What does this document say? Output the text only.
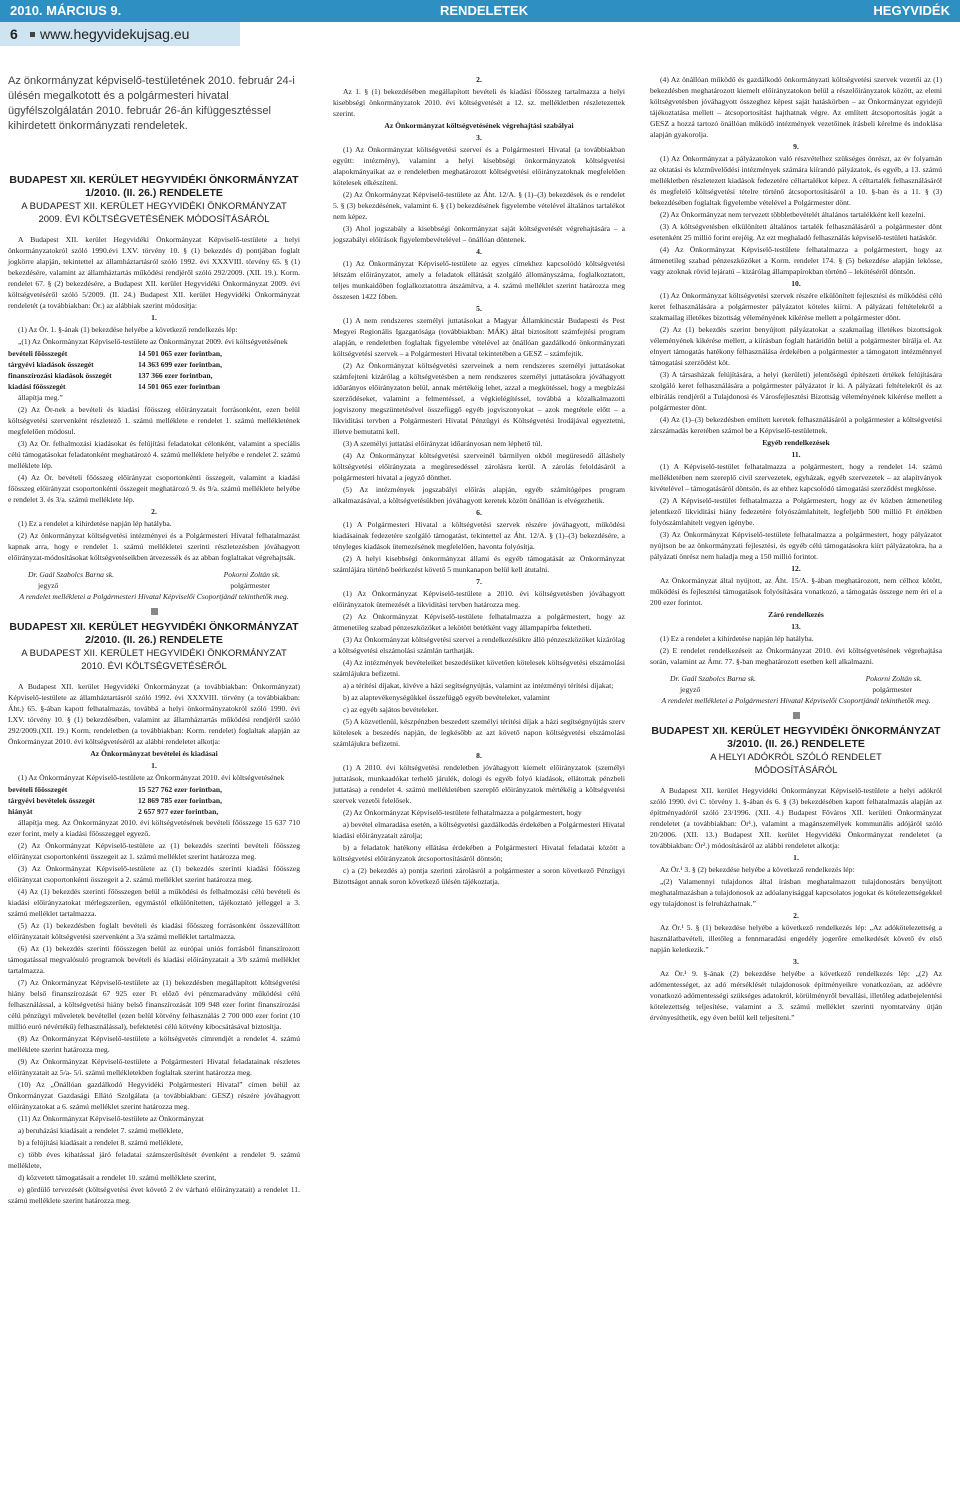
2010. MÁRCIUS 9.	RENDELETEK	HEGYVIDÉK
6 www.hegyvidekujsag.eu

Az önkormányzat képviselő-testületének 2010. február 24-i ülésén megalkotott és a polgármesteri hivatal ügyfélszolgálatán 2010. február 26-án kifüggesztéssel kihirdetett önkormányzati rendeletek.

BUDAPEST XII. KERÜLET HEGYVIDÉKI ÖNKORMÁNYZAT
1/2010. (II. 26.) RENDELETE
A BUDAPEST XII. KERÜLET HEGYVIDÉKI ÖNKORMÁNYZAT
2009. ÉVI KÖLTSÉGVETÉSÉNEK MÓDOSÍTÁSÁRÓL

A Budapest XII. kerület Hegyvidéki Önkormányzat Képviselő-testülete a helyi önkormányzatokról szóló 1990.évi LXV. törvény 10. § (1) bekezdés d) pontjában foglalt jogkörre alapján, tekintettel az államháztartásról szóló 1992. évi XXXVIII. törvény 65. § (1) bekezdésére, valamint az államháztartás működési rendjéről szóló 292/2009. (XII. 19.). Korm. rendelet 67. § (2) bekezdésére, a Budapest XII. kerület Hegyvidéki Önkormányzat 2009. évi költségvetéséről szóló 5/2009. (II. 24.) Budapest XII. kerület Hegyvidéki Önkormányzat rendeletét (a továbbiakban: Ör.) az alábbiak szerint módosítja:

1.

(1) Az Ör. 1. §-ának (1) bekezdése helyébe a következő rendelkezés lép:

„(1) Az Önkormányzat Képviselő-testülete az Önkormányzat 2009. évi költségvetésének

bevételi főösszegét	14 501 065 ezer forintban,
tárgyévi kiadások összegét	14 363 699 ezer forintban,
finanszírozási kiadások összegét	137 366 ezer forintban,
kiadási főösszegét	14 501 065 ezer forintban

állapítja meg.”

(2) Az Ör-nek a bevételi és kiadási főösszeg előirányzatait forrásonként, ezen belül költségvetési szervenként részletező 1. számú melléklete e rendelet 1. számú mellékletének megfelelően módosul.

(3) Az Ör. felhalmozási kiadásokat és felújítási feladatokat célonként, valamint a speciális célú támogatásokat feladatonként meghatározó 4. számú melléklete helyébe e rendelet 2. számú melléklete lép.

(4) Az Ör. bevételi főösszeg előirányzat csoportonkénti összegeit, valamint a kiadási főösszeg előirányzat csoportonkénti összegeit meghatározó 9. és 9/a. számú melléklete helyébe e rendelet 3. és 3/a. számú melléklete lép.

2.

(1) Ez a rendelet a kihirdetése napján lép hatályba.

(2) Az önkormányzat költségvetési intézményei és a Polgármesteri Hivatal felhatalmazást kapnak arra, hogy e rendelet 1. számú mellékletei szerinti részletezésben jóváhagyott előirányzat-módosításokat költségvetéseikben átvezessék és az abban foglaltakat végrehajtsák.

Dr. Gaál Szabolcs Barna sk.	Pokorni Zoltán sk.
jegyző	polgármester

A rendelet mellékletei a Polgármesteri Hivatal Képviselői Csoportjánál tekinthetők meg.

BUDAPEST XII. KERÜLET HEGYVIDÉKI ÖNKORMÁNYZAT
2/2010. (II. 26.) RENDELETE
A BUDAPEST XII. KERÜLET HEGYVIDÉKI ÖNKORMÁNYZAT
2010. ÉVI KÖLTSÉGVETÉSÉRŐL

A Budapest XII. kerület Hegyvidéki Önkormányzat (a továbbiakban: Önkormányzat) Képviselő-testülete az államháztartásról szóló 1992. évi XXXVIII. törvény (a továbbiakban: Áht.) 65. §-ában kapott felhatalmazás, továbbá a helyi önkormányzatokról szóló 1990. évi LXV. törvény 10. § (1) bekezdésében, valamint az államháztartás működési rendjéről szóló 292/2009.(XII. 19.) Korm. rendeletben (a továbbiakban: Korm. rendelet) foglaltak alapján az Önkormányzat 2010. évi költségvetéséről az alábbi rendeletet alkotja:

Az Önkormányzat bevételei és kiadásai

1.

(1) Az Önkormányzat Képviselő-testülete az Önkormányzat 2010. évi költségvetésének

bevételi főösszegét	15 527 762 ezer forintban,
tárgyévi bevételek összegét	12 869 785 ezer forintban,
hiányát	2 657 977 ezer forintban,

állapítja meg. Az Önkormányzat 2010. évi költségvetésének bevételi főösszege 15 637 710 ezer forint, mely a kiadási főösszeggel egyező.

(2) Az Önkormányzat Képviselő-testülete az (1) bekezdés szerinti bevételi főösszeg előirányzat csoportonkénti összegeit az 1. számú melléklet szerint határozza meg.

(3) Az Önkormányzat Képviselő-testülete az (1) bekezdés szerinti kiadási főösszeg előirányzat csoportonkénti összegeit a 2. számú melléklet szerint határozza meg.

(4) Az (1) bekezdés szerinti főösszegen belül a működési és felhalmozási célú bevételi és kiadási előirányzatokat mérlegszerűen, egymástól elkülönítetten, tájékoztató jelleggel a 3. számú melléklet tartalmazza.

(5) Az (1) bekezdésben foglalt bevételi és kiadási főösszeg forrásonként összevállított előirányzatait költségvetési szervenként a 3/a számú melléklet tartalmazza.

(6) Az (1) bekezdés szerinti főösszegen belül az európai uniós forrásból finanszírozott támogatással megvalósuló programok bevételi és kiadási előirányzatait a 3/b számú melléklet tartalmazza.

(7) Az Önkormányzat Képviselő-testülete az (1) bekezdésben megállapított költségvetési hiány belső finanszírozását 67 925 ezer Ft előző évi pénzmaradvány működési célú felhasználással, a költségvetési hiány belső finanszírozását 109 948 ezer forint finanszírozási célú pénzügyi műveletek bevétellel (ezen belül kötvény felhasználás 2 700 000 ezer forint (10 millió euró névértékű) felhasználással), befektetési célú kötvény kibocsátásával biztosítja.

(8) Az Önkormányzat Képviselő-testülete a költségvetés címrendjét a rendelet 4. számú melléklete szerint határozza meg.

(9) Az Önkormányzat Képviselő-testülete a Polgármesteri Hivatal feladatainak részletes előirányzatait az 5/a- 5/i. számú mellékletekben foglaltak szerint határozza meg.

(10) Az „Önállóan gazdálkodó Hegyvidéki Polgármesteri Hivatal” címen belül az Önkormányzat Gazdasági Ellátó Szolgálata (a továbbiakban: GESZ) részére jóváhagyott előirányzatokat a 6. számú melléklet szerint határozza meg.

(11) Az Önkormányzat Képviselő-testülete az Önkormányzat

a) beruházási kiadásait a rendelet 7. számú melléklete,

b) a felújítási kiadásait a rendelet 8. számú melléklete,

c) több éves kihatással járó feladatai számszerűsítését évenként a rendelet 9. számú melléklete,

d) közvetett támogatásait a rendelet 10. számú melléklete szerint,

e) gördülő tervezését (költségvetési évet követő 2 év várható előirányzatait) a rendelet 11. számú melléklete szerint határozza meg.

2.

Az 1. § (1) bekezdésében megállapított bevételi és kiadási főösszeg tartalmazza a helyi kisebbségi önkormányzatok 2010. évi költségvetését a 12. sz. mellékletben részletezettek szerint.

Az Önkormányzat költségvetésének végrehajtási szabályai

3.

(1) Az Önkormányzat költségvetési szervei és a Polgármesteri Hivatal (a továbbiakban együtt: intézmény), valamint a helyi kisebbségi önkormányzatok költségvetési alapokmányaikat az e rendeletben meghatározott költségvetési előirányzatoknak megfelelően kötelesek elkészíteni.

(2) Az Önkormányzat Képviselő-testülete az Áht. 12/A. § (1)–(3) bekezdések és e rendelet 5. § (3) bekezdésének, valamint 6. § (1) bekezdésének figyelembe vételével általános tartalékot nem képez.

(3) Ahol jogszabály a kisebbségi önkormányzat saját költségvetését végrehajtására – a jogszabályi előírások figyelembevételével – önállóan döntenek.

4.

(1) Az Önkormányzat Képviselő-testülete az egyes címekhez kapcsolódó költségvetési létszám előirányzatot, amely a feladatok ellátását szolgáló állományszáma, foglalkoztatott, teljes munkaidőben foglalkoztatottra átszámítva, a 4. számú melléklet szerint határozza meg összesen 1422 főben.

5.

(1) A nem rendszeres személyi juttatásokat a Magyar Államkincstár Budapesti és Pest Megyei Regionális Igazgatósága (továbbiakban: MÁK) által biztosított számfejtési program alapján, e rendeletben foglaltak figyelembe vételével az önállóan gazdálkodó önkormányzati költségvetési szervek – a Polgármesteri Hivatal tekintetében a GESZ – számfejtik.

(2) Az Önkormányzat költségvetési szerveinek a nem rendszeres személyi juttatásokat számfejteni kizárólag a költségvetésben a nem rendszeres személyi juttatásokra jóváhagyott időarányos előirányzaton belül, annak mértékéig lehet, azzal a megkötéssel, hogy a megbízási szerződéseket, valamint a felmentéssel, a végkielégítéssel, továbbá a közalkalmazotti jogviszony megszüntetésével összefüggő egyéb jogviszonyokat – azok megtétele előtt – a likviditási tervben a Polgármesteri Hivatal Pénzügyi és Költségvetési Irodájával egyeztetni, illetve bemutatni kell.

(3) A személyi juttatási előirányzat időarányosan nem léphető túl.

(4) Az Önkormányzat költségvetési szerveinél bármilyen okból megüresedő álláshely költségvetési előirányzata a megüresedéssel zárolásra kerül. A zárolás feloldásáról a polgármesteri hivatal a jegyző dönthet.

(5) Az intézmények jogszabályi előírás alapján, egyéb számítógépes program alkalmazásával, a költségvetésükben jóváhagyott keretek között önállóan is elvégezhetik.

6.

(1) A Polgármesteri Hivatal a költségvetési szervek részére jóváhagyott, működési kiadásainak fedezetére szolgáló támogatást, tekintettel az Áht. 12/A. § (1)–(3) bekezdésére, a tényleges kiadások ütemezésének megfelelően, havonta folyósítja.

(2) A helyi kisebbségi önkormányzat állami és egyéb támogatását az Önkormányzat számlájára történő beérkezést követő 5 munkanapon belül kell átutalni.

7.

(1) Az Önkormányzat Képviselő-testülete a 2010. évi költségvetésben jóváhagyott előirányzatok ütemezését a likviditási tervben határozza meg.

(2) Az Önkormányzat Képviselő-testülete felhatalmazza a polgármestert, hogy az átmenetileg szabad pénzeszközöket a lekötött betétként vagy állampapírba fektetheti.

(3) Az Önkormányzat költségvetési szervei a rendelkezésükre álló pénzeszközöket kizárólag a költségvetési elszámolási számlán tarthatják.

(4) Az intézmények bevételeiket beszedésüket követően kötelesek költségvetési elszámolási számlájukra befizetni.

a) a térítési díjakat, kivéve a házi segítségnyújtás, valamint az intézményi térítési díjakat;

b) az alaptevékenységükkel összefüggő egyéb bevételeket, valamint

c) az egyéb sajátos bevételeket.

(5) A közvetlenül, készpénzben beszedett személyi térítési díjak a házi segítségnyújtás szerv kötelesek a beszedés napján, de legkésőbb az azt követő napon költségvetési elszámolási számlájukra befizetni.

8.

(1) A 2010. évi költségvetési rendeletben jóváhagyott kiemelt előirányzatok (személyi juttatások, munkaadókat terhelő járulék, dologi és egyéb folyó kiadások, ellátottak pénzbeli juttatása) a rendelet 4. számú mellékletében szereplő előirányzatok mértékéig a költségvetési szervek vezetői felelősek.

(2) Az Önkormányzat Képviselő-testülete felhatalmazza a polgármestert, hogy

a) bevétel elmaradása esetén, a költségvetési gazdálkodás érdekében a Polgármesteri Hivatal kiadási előirányzatait zárolja;

b) a feladatok hatékony ellátása érdekében a Polgármesteri Hivatal feladatai között a költségvetési előirányzatok átcsoportosításáról döntsön;

c) a (2) bekezdés a) pontja szerinti zárolásról a polgármester a soron következő Pénzügyi Bizottságot annak soron következő ülésén tájékoztatja.

(4) Az önállóan működő és gazdálkodó önkormányzati költségvetési szervek vezetői az (1) bekezdésben meghatározott kiemelt előirányzatokon belül a részelőirányzatok között, az elemi költségvetésben jóváhagyott összeghez képest saját hatáskörben – az Önkormányzat egyidejű tájékoztatása mellett – átcsoportosítást hajthatnak végre. Az említett átcsoportosítás jogát a GESZ a hozzá tartozó önállóan működő intézmények vezetőinek írásbeli kérelme és indoklása alapján gyakorolja.

9.

(1) Az Önkormányzat a pályázatokon való részvételhez szükséges önrészt, az év folyamán az oktatási és közművelődési intézmények számára kiírandó pályázatok, és egyéb, a 13. számú mellékletben részletezett kiadások fedezetére céltartalékot képez. A céltartalék felhasználásáról és megfelelő költségvetési tételre történő átcsoportosításáról a 10. §-ban és a 11. § (3) bekezdésében foglaltak figyelembe vételével a Polgármester dönt.

(2) Az Önkormányzat nem tervezett többletbevételét általános tartalékként kell kezelni.

(3) A költségvetésben elkülönített általános tartalék felhasználásáról a polgármester dönt esetenként 25 millió forint erejéig. Az ezt meghaladó felhasználás képviselő-testületi hatáskör.

(4) Az Önkormányzat Képviselő-testülete felhatalmazza a polgármestert, hogy az átmenetileg szabad pénzeszközöket a Korm. rendelet 174. § (5) bekezdése alapján lekösse, vagy azoknak rövid lejáratú – kizárólag állampapírokban történő – lekötéséről döntsön.

10.

(1) Az Önkormányzat költségvetési szervek részére elkülönített fejlesztési és működési célú keret felhasználására a polgármester pályázatot köteles kiírni. A pályázati feltételekről a szakmailag illetékes bizottság véleményének kikérése mellett a polgármester dönt.

(2) Az (1) bekezdés szerint benyújtott pályázatokat a szakmailag illetékes bizottságok véleményének kikérése mellett, a kiírásban foglalt határidőn belül a polgármester bírálja el. Az elnyert támogatás hatékony felhasználása érdekében a polgármester a támogatott intézménnyel támogatási szerződést köt.

(3) A társasházak felújítására, a helyi (kerületi) jelentőségű építészeti értékek felújítására szolgáló keret felhasználására a polgármester pályázatot ír ki. A pályázati feltételekről és az elbírálás rendjéről a Tulajdonosi és Városfejlesztési Bizottság véleményének kikérése mellett a polgármester dönt.

(4) Az (1)–(3) bekezdésben említett keretek felhasználásáról a polgármester a költségvetési zárszámadás keretében számol be a Képviselő-testületnek.

Egyéb rendelkezések

11.

(1) A Képviselő-testület felhatalmazza a polgármestert, hogy a rendelet 14. számú mellékletében nem szereplő civil szervezetek, egyházak, egyéb szervezetek – az alapítványok kivételével – támogatásáról döntsön, és az ehhez kapcsolódó támogatási szerződést megkösse.

(2) A Képviselő-testület felhatalmazza a Polgármestert, hogy az év közben átmenetileg jelentkező likviditási hiány fedezetére folyószámlahitelt, legfeljebb 500 millió Ft értékben folyószámlahitelt vegyen igénybe.

(3) Az Önkormányzat Képviselő-testülete felhatalmazza a polgármestert, hogy pályázatot nyújtson be az önkormányzati fejlesztési, és egyéb célú támogatásokra kiírt pályázatokra, ha a pályázati önrész nem haladja meg a 150 millió forintot.

12.

Az Önkormányzat által nyújtott, az Áht. 15/A. §-ában meghatározott, nem célhoz kötött, működési és fejlesztési támogatások folyósítására vonatkozó, a támogatás összege nem éri el a 200 ezer forintot.

Záró rendelkezés

13.

(1) Ez a rendelet a kihirdetése napján lép hatályba.

(2) E rendelet rendelkezéseit az Önkormányzat 2010. évi költségvetésének végrehajtása során, valamint az Ámr. 77. §-ban meghatározott esetben kell alkalmazni.

Dr. Gaál Szabolcs Barna sk.	Pokorni Zoltán sk.
jegyző	polgármester

A rendelet mellékletei a Polgármesteri Hivatal Képviselői Csoportjánál tekinthetők meg.

BUDAPEST XII. KERÜLET HEGYVIDÉKI ÖNKORMÁNYZAT
3/2010. (II. 26.) RENDELETE
A HELYI ADÓKRÓL SZÓLÓ RENDELET
MÓDOSÍTÁSÁRÓL

A Budapest XII. kerület Hegyvidéki Önkormányzat Képviselő-testülete a helyi adókról szóló 1990. évi C. törvény 1. §-ában és 6. § (3) bekezdésében kapott felhatalmazás alapján az építményadóról szóló 23/1996. (XII. 4.) Budapest Főváros XII. kerületi Önkormányzat rendeletet (a továbbiakban: Ör¹.), valamint a magánszemélyek kommunális adójáról szóló 20/2006. (XII. 13.) Budapest XII. kerület Hegyvidéki Önkormányzat rendeletet (a továbbiakban: Ör².) módosításáról az alábbi rendeletet alkotja:

1.

Az Ör.¹ 3. § (2) bekezdése helyébe a következő rendelkezés lép:

„(2) Valamennyi tulajdonos által írásban meghatalmazott tulajdonostárs benyújtott meghatalmazásban a tulajdonosok az adóalanyisággal kapcsolatos jogokat és kötelezettségekkel egy tulajdonost is felruházhatnak.”

2.

Az Ör.¹ 5. § (1) bekezdése helyébe a következő rendelkezés lép: „Az adókötelezettség a használatbavételi, illetőleg a fennmaradási engedély jogerőre emelkedését követő év első napján keletkezik.”

3.

Az Ör.¹ 9. §-ának (2) bekezdése helyébe a következő rendelkezés lép: „(2) Az adómentességet, az adó mérséklését tulajdonosok építményeikre vonatkozóan, az adóévre vonatkozó adómentességi szükséges adatokról, körülményről bevallási, illetőleg adatbejelentési kötelezettség teljesítése, valamint a 3. számú melléklet szerinti nyomtatvány útján érvényesíthetik, egy éven belül kell teljesíteni.”
